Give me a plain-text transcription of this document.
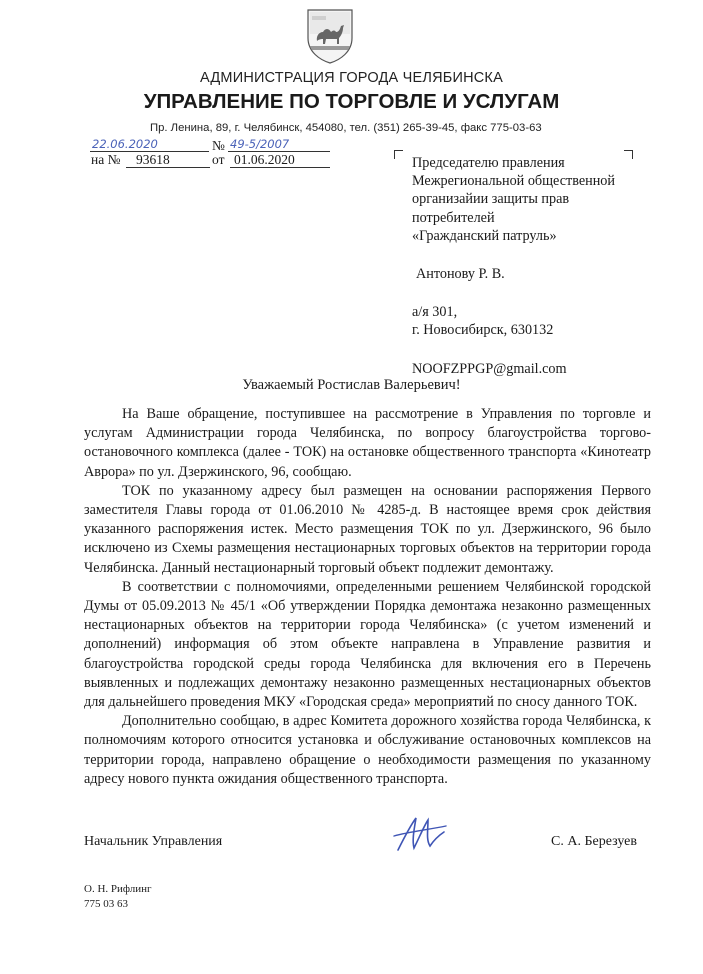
АДМИНИСТРАЦИЯ ГОРОДА ЧЕЛЯБИНСКА
УПРАВЛЕНИЕ ПО ТОРГОВЛЕ И УСЛУГАМ
Пр. Ленина, 89, г. Челябинск, 454080, тел. (351) 265-39-45, факс 775-03-63
22.06.2020	№ 49-5/2007
на № 93618	от 01.06.2020	Председателю правления
Межрегиональной общественной
организайии защиты прав
потребителей
«Гражданский патруль»
Антонову Р. В.
а/я 301,
г. Новосибирск, 630132
NOOFZPPGP@gmail.com
Уважаемый Ростислав Валерьевич!

На Ваше обращение, поступившее на рассмотрение в Управления по торговле и услугам Администрации города Челябинска, по вопросу благоустройства торгово-остановочного комплекса (далее - ТОК) на остановке общественного транспорта «Кинотеатр Аврора» по ул. Дзержинского, 96, сообщаю.

ТОК по указанному адресу был размещен на основании распоряжения Первого заместителя Главы города от 01.06.2010 № 4285-д. В настоящее время срок действия указанного распоряжения истек. Место размещения ТОК по ул. Дзержинского, 96 было исключено из Схемы размещения нестационарных торговых объектов на территории города Челябинска. Данный нестационарный торговый объект подлежит демонтажу.

В соответствии с полномочиями, определенными решением Челябинской городской Думы от 05.09.2013 № 45/1 «Об утверждении Порядка демонтажа незаконно размещенных нестационарных объектов на территории города Челябинска» (с учетом изменений и дополнений) информация об этом объекте направлена в Управление развития и благоустройства городской среды города Челябинска для включения его в Перечень выявленных и подлежащих демонтажу незаконно размещенных нестационарных объектов для дальнейшего проведения МКУ «Городская среда» мероприятий по сносу данного ТОК.

Дополнительно сообщаю, в адрес Комитета дорожного хозяйства города Челябинска, к полномочиям которого относится установка и обслуживание остановочных комплексов на территории города, направлено обращение о необходимости размещения по указанному адресу нового пункта ожидания общественного транспорта.

Начальник Управления	С. А. Березуев
О. Н. Рифлинг
775 03 63
